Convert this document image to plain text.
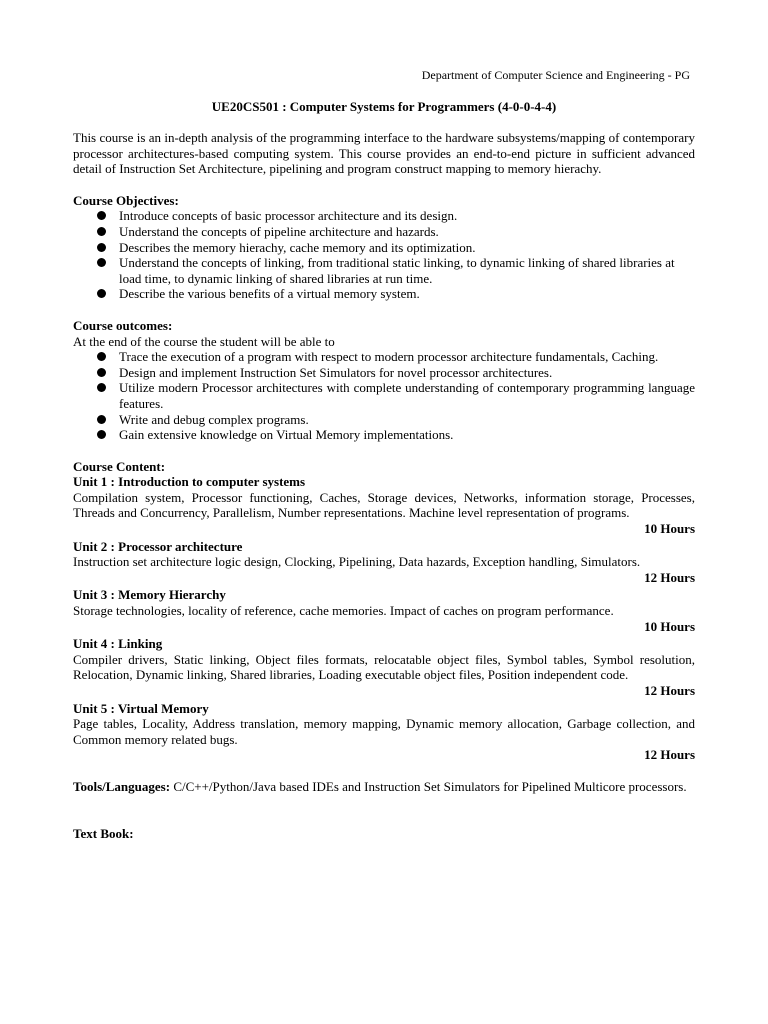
Department of Computer Science and Engineering - PG
UE20CS501 : Computer Systems for Programmers (4-0-0-4-4)

This course is an in-depth analysis of the programming interface to the hardware subsystems/mapping of contemporary processor architectures-based computing system. This course provides an end-to-end picture in sufficient advanced detail of Instruction Set Architecture, pipelining and program construct mapping to memory hierachy.

Course Objectives:

Introduce concepts of basic processor architecture and its design.
Understand the concepts of pipeline architecture and hazards.
Describes the memory hierachy, cache memory and its optimization.
Understand the concepts of linking, from traditional static linking, to dynamic linking of shared libraries at load time, to dynamic linking of shared libraries at run time.
Describe the various benefits of a virtual memory system.

Course outcomes:

At the end of the course the student will be able to

Trace the execution of a program with respect to modern processor architecture fundamentals, Caching.
Design and implement Instruction Set Simulators for novel processor architectures.
Utilize modern Processor architectures with complete understanding of contemporary programming language features.
Write and debug complex programs.
Gain extensive knowledge on Virtual Memory implementations.

Course Content:

Unit 1 : Introduction to computer systems

Compilation system, Processor functioning, Caches, Storage devices, Networks, information storage, Processes, Threads and Concurrency, Parallelism, Number representations. Machine level representation of programs.

10 Hours

Unit 2 : Processor architecture

Instruction set architecture logic design, Clocking, Pipelining, Data hazards, Exception handling, Simulators.

12 Hours

Unit 3 : Memory Hierarchy

Storage technologies, locality of reference, cache memories. Impact of caches on program performance.

10 Hours

Unit 4 : Linking

Compiler drivers, Static linking, Object files formats, relocatable object files, Symbol tables, Symbol resolution, Relocation, Dynamic linking, Shared libraries, Loading executable object files, Position independent code.

12 Hours

Unit 5 : Virtual Memory

Page tables, Locality, Address translation, memory mapping, Dynamic memory allocation, Garbage collection, and Common memory related bugs.

12 Hours

Tools/Languages: C/C++/Python/Java based IDEs and Instruction Set Simulators for Pipelined Multicore processors.

Text Book:
